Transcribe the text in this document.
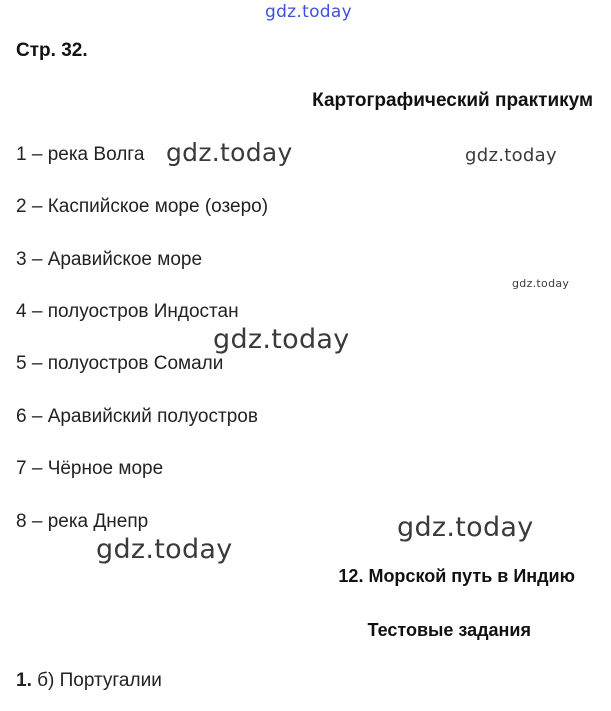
Стр. 32.
Картографический практикум
1 – река Волга
2 – Каспийское море (озеро)
3 – Аравийское море
4 – полуостров Индостан
5 – полуостров Сомали
6 – Аравийский полуостров
7 – Чёрное море
8 – река Днепр
12. Морской путь в Индию
Тестовые задания
1. б) Португалии
gdz.today
gdz.today	gdz.today
gdz.today
gdz.today
gdz.today
gdz.today
